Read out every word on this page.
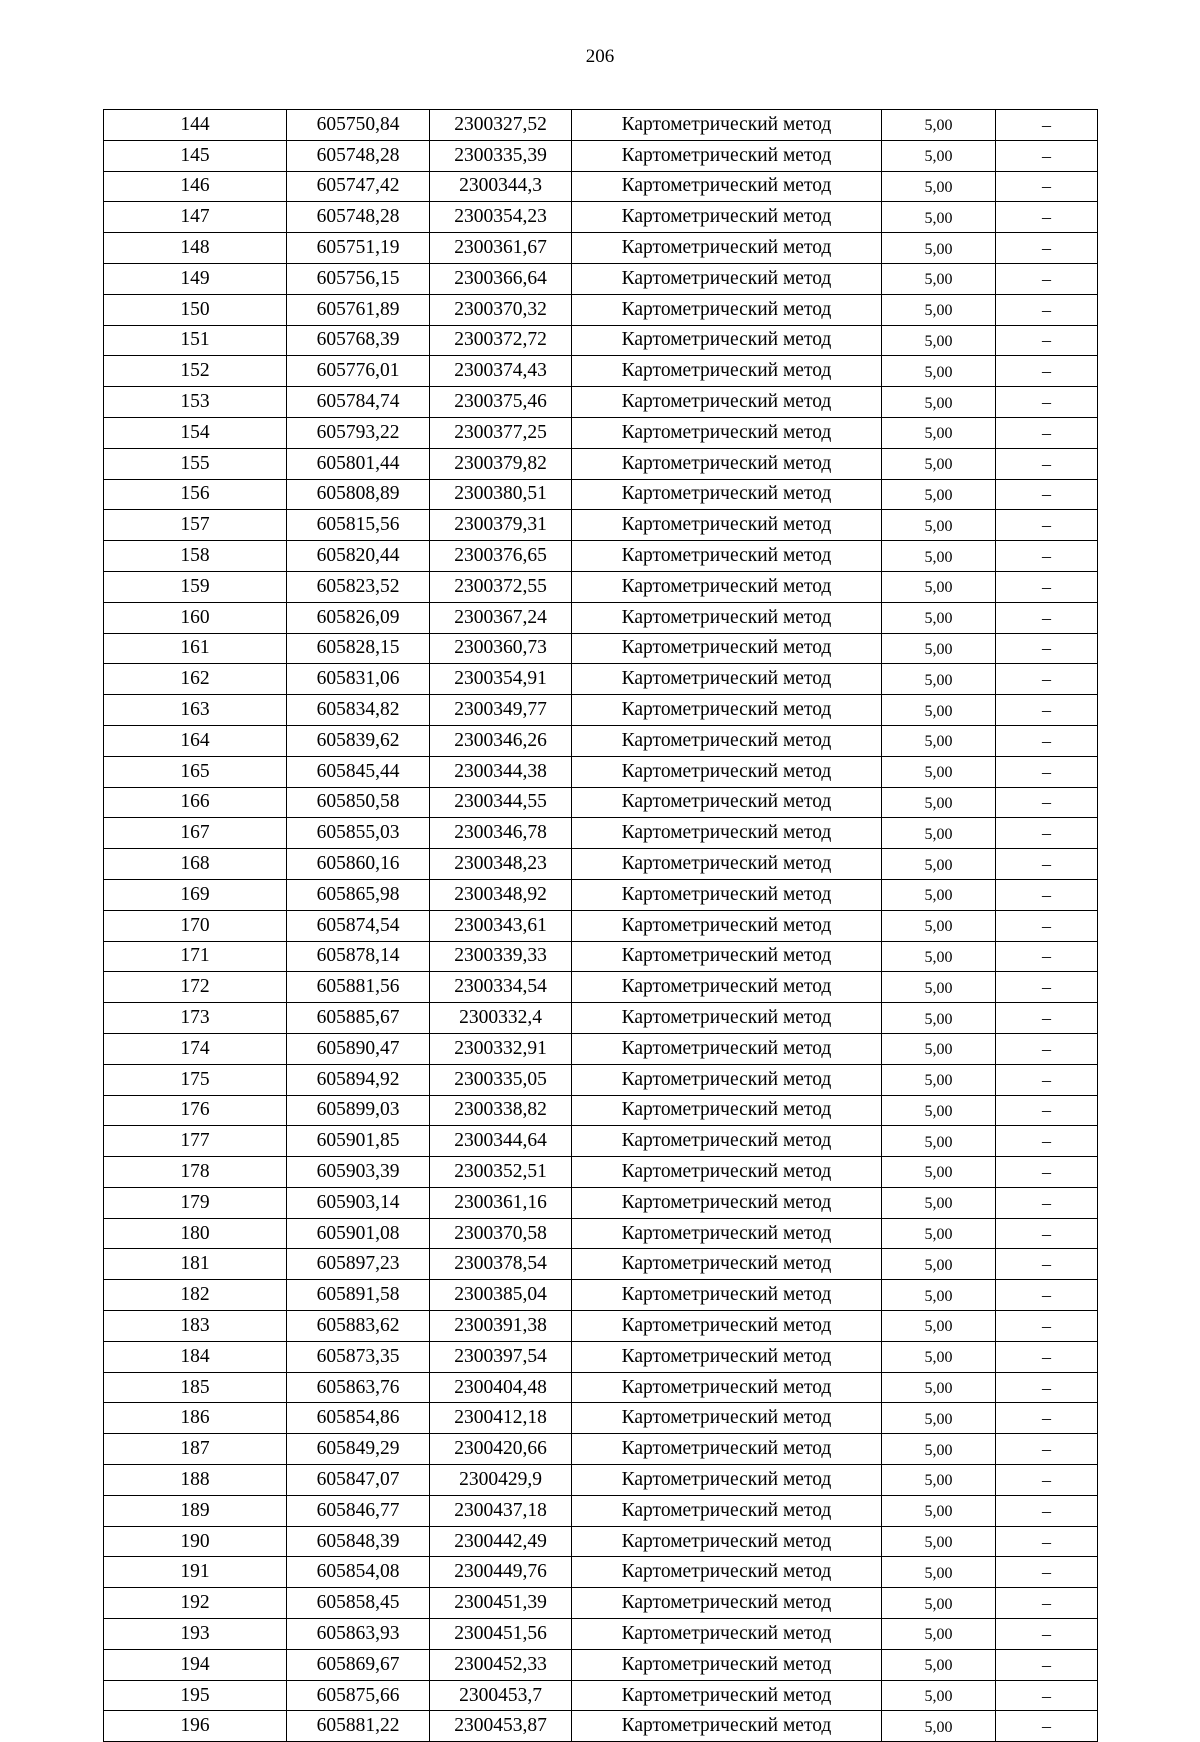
206
144	605750,84	2300327,52	Картометрический метод	5,00	–
145	605748,28	2300335,39	Картометрический метод	5,00	–
146	605747,42	2300344,3	Картометрический метод	5,00	–
147	605748,28	2300354,23	Картометрический метод	5,00	–
148	605751,19	2300361,67	Картометрический метод	5,00	–
149	605756,15	2300366,64	Картометрический метод	5,00	–
150	605761,89	2300370,32	Картометрический метод	5,00	–
151	605768,39	2300372,72	Картометрический метод	5,00	–
152	605776,01	2300374,43	Картометрический метод	5,00	–
153	605784,74	2300375,46	Картометрический метод	5,00	–
154	605793,22	2300377,25	Картометрический метод	5,00	–
155	605801,44	2300379,82	Картометрический метод	5,00	–
156	605808,89	2300380,51	Картометрический метод	5,00	–
157	605815,56	2300379,31	Картометрический метод	5,00	–
158	605820,44	2300376,65	Картометрический метод	5,00	–
159	605823,52	2300372,55	Картометрический метод	5,00	–
160	605826,09	2300367,24	Картометрический метод	5,00	–
161	605828,15	2300360,73	Картометрический метод	5,00	–
162	605831,06	2300354,91	Картометрический метод	5,00	–
163	605834,82	2300349,77	Картометрический метод	5,00	–
164	605839,62	2300346,26	Картометрический метод	5,00	–
165	605845,44	2300344,38	Картометрический метод	5,00	–
166	605850,58	2300344,55	Картометрический метод	5,00	–
167	605855,03	2300346,78	Картометрический метод	5,00	–
168	605860,16	2300348,23	Картометрический метод	5,00	–
169	605865,98	2300348,92	Картометрический метод	5,00	–
170	605874,54	2300343,61	Картометрический метод	5,00	–
171	605878,14	2300339,33	Картометрический метод	5,00	–
172	605881,56	2300334,54	Картометрический метод	5,00	–
173	605885,67	2300332,4	Картометрический метод	5,00	–
174	605890,47	2300332,91	Картометрический метод	5,00	–
175	605894,92	2300335,05	Картометрический метод	5,00	–
176	605899,03	2300338,82	Картометрический метод	5,00	–
177	605901,85	2300344,64	Картометрический метод	5,00	–
178	605903,39	2300352,51	Картометрический метод	5,00	–
179	605903,14	2300361,16	Картометрический метод	5,00	–
180	605901,08	2300370,58	Картометрический метод	5,00	–
181	605897,23	2300378,54	Картометрический метод	5,00	–
182	605891,58	2300385,04	Картометрический метод	5,00	–
183	605883,62	2300391,38	Картометрический метод	5,00	–
184	605873,35	2300397,54	Картометрический метод	5,00	–
185	605863,76	2300404,48	Картометрический метод	5,00	–
186	605854,86	2300412,18	Картометрический метод	5,00	–
187	605849,29	2300420,66	Картометрический метод	5,00	–
188	605847,07	2300429,9	Картометрический метод	5,00	–
189	605846,77	2300437,18	Картометрический метод	5,00	–
190	605848,39	2300442,49	Картометрический метод	5,00	–
191	605854,08	2300449,76	Картометрический метод	5,00	–
192	605858,45	2300451,39	Картометрический метод	5,00	–
193	605863,93	2300451,56	Картометрический метод	5,00	–
194	605869,67	2300452,33	Картометрический метод	5,00	–
195	605875,66	2300453,7	Картометрический метод	5,00	–
196	605881,22	2300453,87	Картометрический метод	5,00	–
